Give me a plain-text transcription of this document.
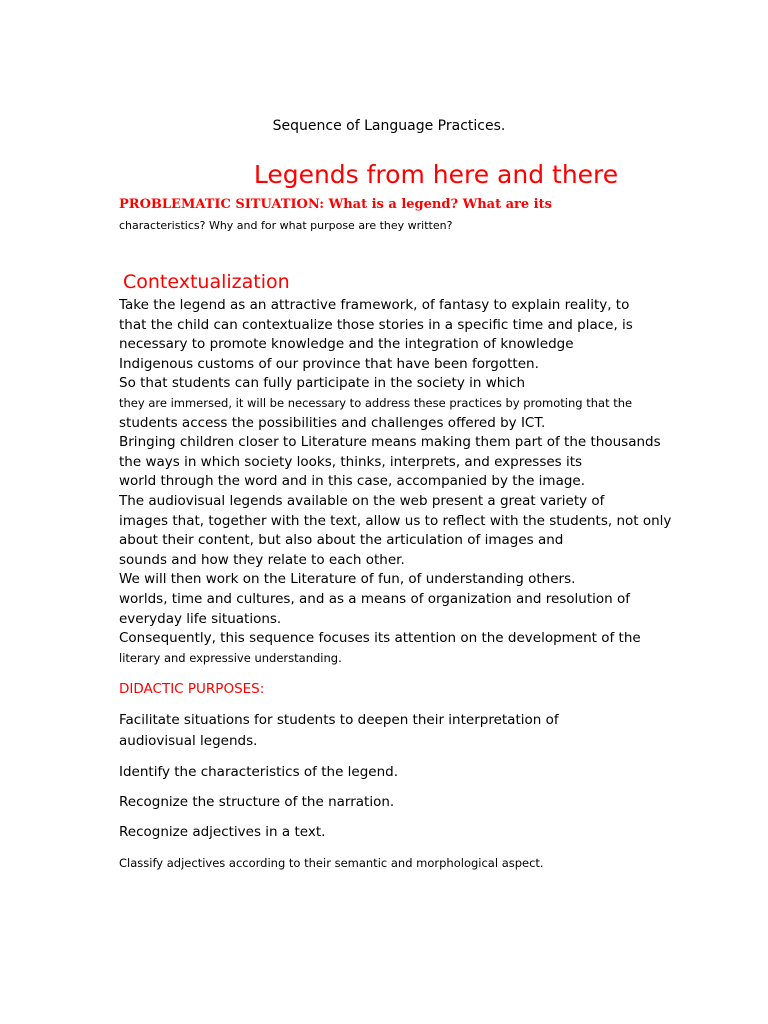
Sequence of Language Practices.
Legends from here and there
PROBLEMATIC SITUATION: What is a legend? What are its
characteristics? Why and for what purpose are they written?
Contextualization
Take the legend as an attractive framework, of fantasy to explain reality, to
that the child can contextualize those stories in a specific time and place, is
necessary to promote knowledge and the integration of knowledge
Indigenous customs of our province that have been forgotten.
So that students can fully participate in the society in which
they are immersed, it will be necessary to address these practices by promoting that the
students access the possibilities and challenges offered by ICT.
Bringing children closer to Literature means making them part of the thousands
the ways in which society looks, thinks, interprets, and expresses its
world through the word and in this case, accompanied by the image.
The audiovisual legends available on the web present a great variety of
images that, together with the text, allow us to reflect with the students, not only
about their content, but also about the articulation of images and
sounds and how they relate to each other.
We will then work on the Literature of fun, of understanding others.
worlds, time and cultures, and as a means of organization and resolution of
everyday life situations.
Consequently, this sequence focuses its attention on the development of the
literary and expressive understanding.
DIDACTIC PURPOSES:
Facilitate situations for students to deepen their interpretation of
audiovisual legends.
Identify the characteristics of the legend.
Recognize the structure of the narration.
Recognize adjectives in a text.
Classify adjectives according to their semantic and morphological aspect.
